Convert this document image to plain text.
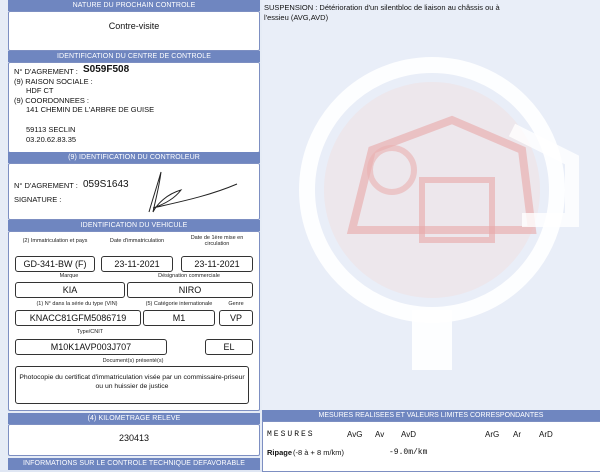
NATURE DU PROCHAIN CONTROLE
Contre-visite
IDENTIFICATION DU CENTRE DE CONTROLE
N° D'AGREMENT : S059F508
(9) RAISON SOCIALE :
HDF CT
(9) COORDONNEES :
141 CHEMIN DE L'ARBRE DE GUISE
59113 SECLIN
03.20.62.83.35
(9) IDENTIFICATION DU CONTROLEUR
N° D'AGREMENT : 059S1643
SIGNATURE :
IDENTIFICATION DU VEHICULE
(2) Immatriculation et pays	Date d'immatriculation	Date de 1ère mise en circulation
GD-341-BW (F)	23-11-2021	23-11-2021
Marque	Désignation commerciale
KIA	NIRO
(1) N° dans la série du type (VIN)	(5) Catégorie internationale	Genre
KNACC81GFM5086719	M1	VP
Type/CNIT
M10K1AVP003J707	EL
Document(s) présenté(s)
Photocopie du certificat d'immatriculation visée par un commissaire-priseur ou un huissier de justice
(4) KILOMETRAGE RELEVE
230413
INFORMATIONS SUR LE CONTROLE TECHNIQUE DEFAVORABLE
SUSPENSION : Détérioration d'un silentbloc de liaison au châssis ou à
l'essieu (AVG,AVD)
MESURES REALISEES ET VALEURS LIMITES CORRESPONDANTES
MESURES	AvG Av AvD	ArG Ar ArD
Ripage (-8 à + 8 m/km)	-9.0m/km
